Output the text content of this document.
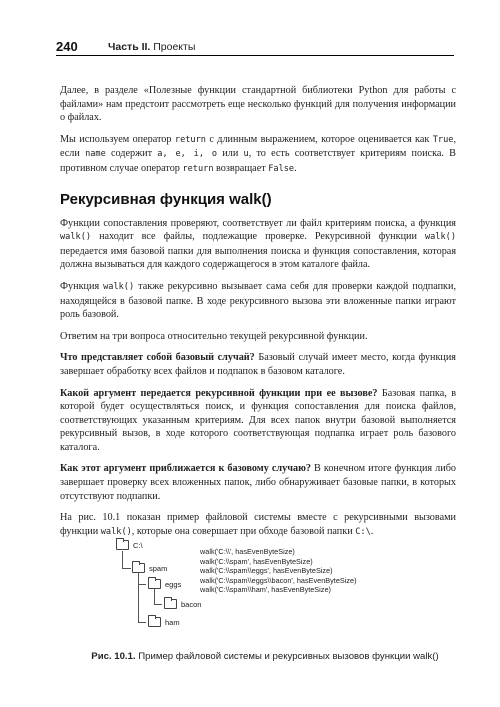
240	Часть II. Проекты

Далее, в разделе «Полезные функции стандартной библиотеки Python для работы с файлами» нам предстоит рассмотреть еще несколько функций для получения информации о файлах.

Мы используем оператор return с длинным выражением, которое оценивается как True, если name содержит a, e, i, o или u, то есть соответствует критериям поиска. В противном случае оператор return возвращает False.

Рекурсивная функция walk()

Функции сопоставления проверяют, соответствует ли файл критериям поиска, а функция walk() находит все файлы, подлежащие проверке. Рекурсивной функции walk() передается имя базовой папки для выполнения поиска и функция сопоставления, которая должна вызываться для каждого содержащегося в этом каталоге файла.

Функция walk() также рекурсивно вызывает сама себя для проверки каждой подпапки, находящейся в базовой папке. В ходе рекурсивного вызова эти вложенные папки играют роль базовой.

Ответим на три вопроса относительно текущей рекурсивной функции.

Что представляет собой базовый случай? Базовый случай имеет место, когда функция завершает обработку всех файлов и подпапок в базовом каталоге.

Какой аргумент передается рекурсивной функции при ее вызове? Базовая папка, в которой будет осуществляться поиск, и функция сопоставления для поиска файлов, соответствующих указанным критериям. Для всех папок внутри базовой выполняется рекурсивный вызов, в ходе которого соответствующая подпапка играет роль базового каталога.

Как этот аргумент приближается к базовому случаю? В конечном итоге функция либо завершает проверку всех вложенных папок, либо обнаруживает базовые папки, в которых отсутствуют подпапки.

На рис. 10.1 показан пример файловой системы вместе с рекурсивными вызовами функции walk(), которые она совершает при обходе базовой папки C:\.

C:\
spam
eggs
bacon
ham
walk('C:\\', hasEvenByteSize)
walk('C:\\spam', hasEvenByteSize)
walk('C:\\spam\\eggs', hasEvenByteSize)
walk('C:\\spam\\eggs\\bacon', hasEvenByteSize)
walk('C:\\spam\\ham', hasEvenByteSize)
Рис. 10.1. Пример файловой системы и рекурсивных вызовов функции walk()
